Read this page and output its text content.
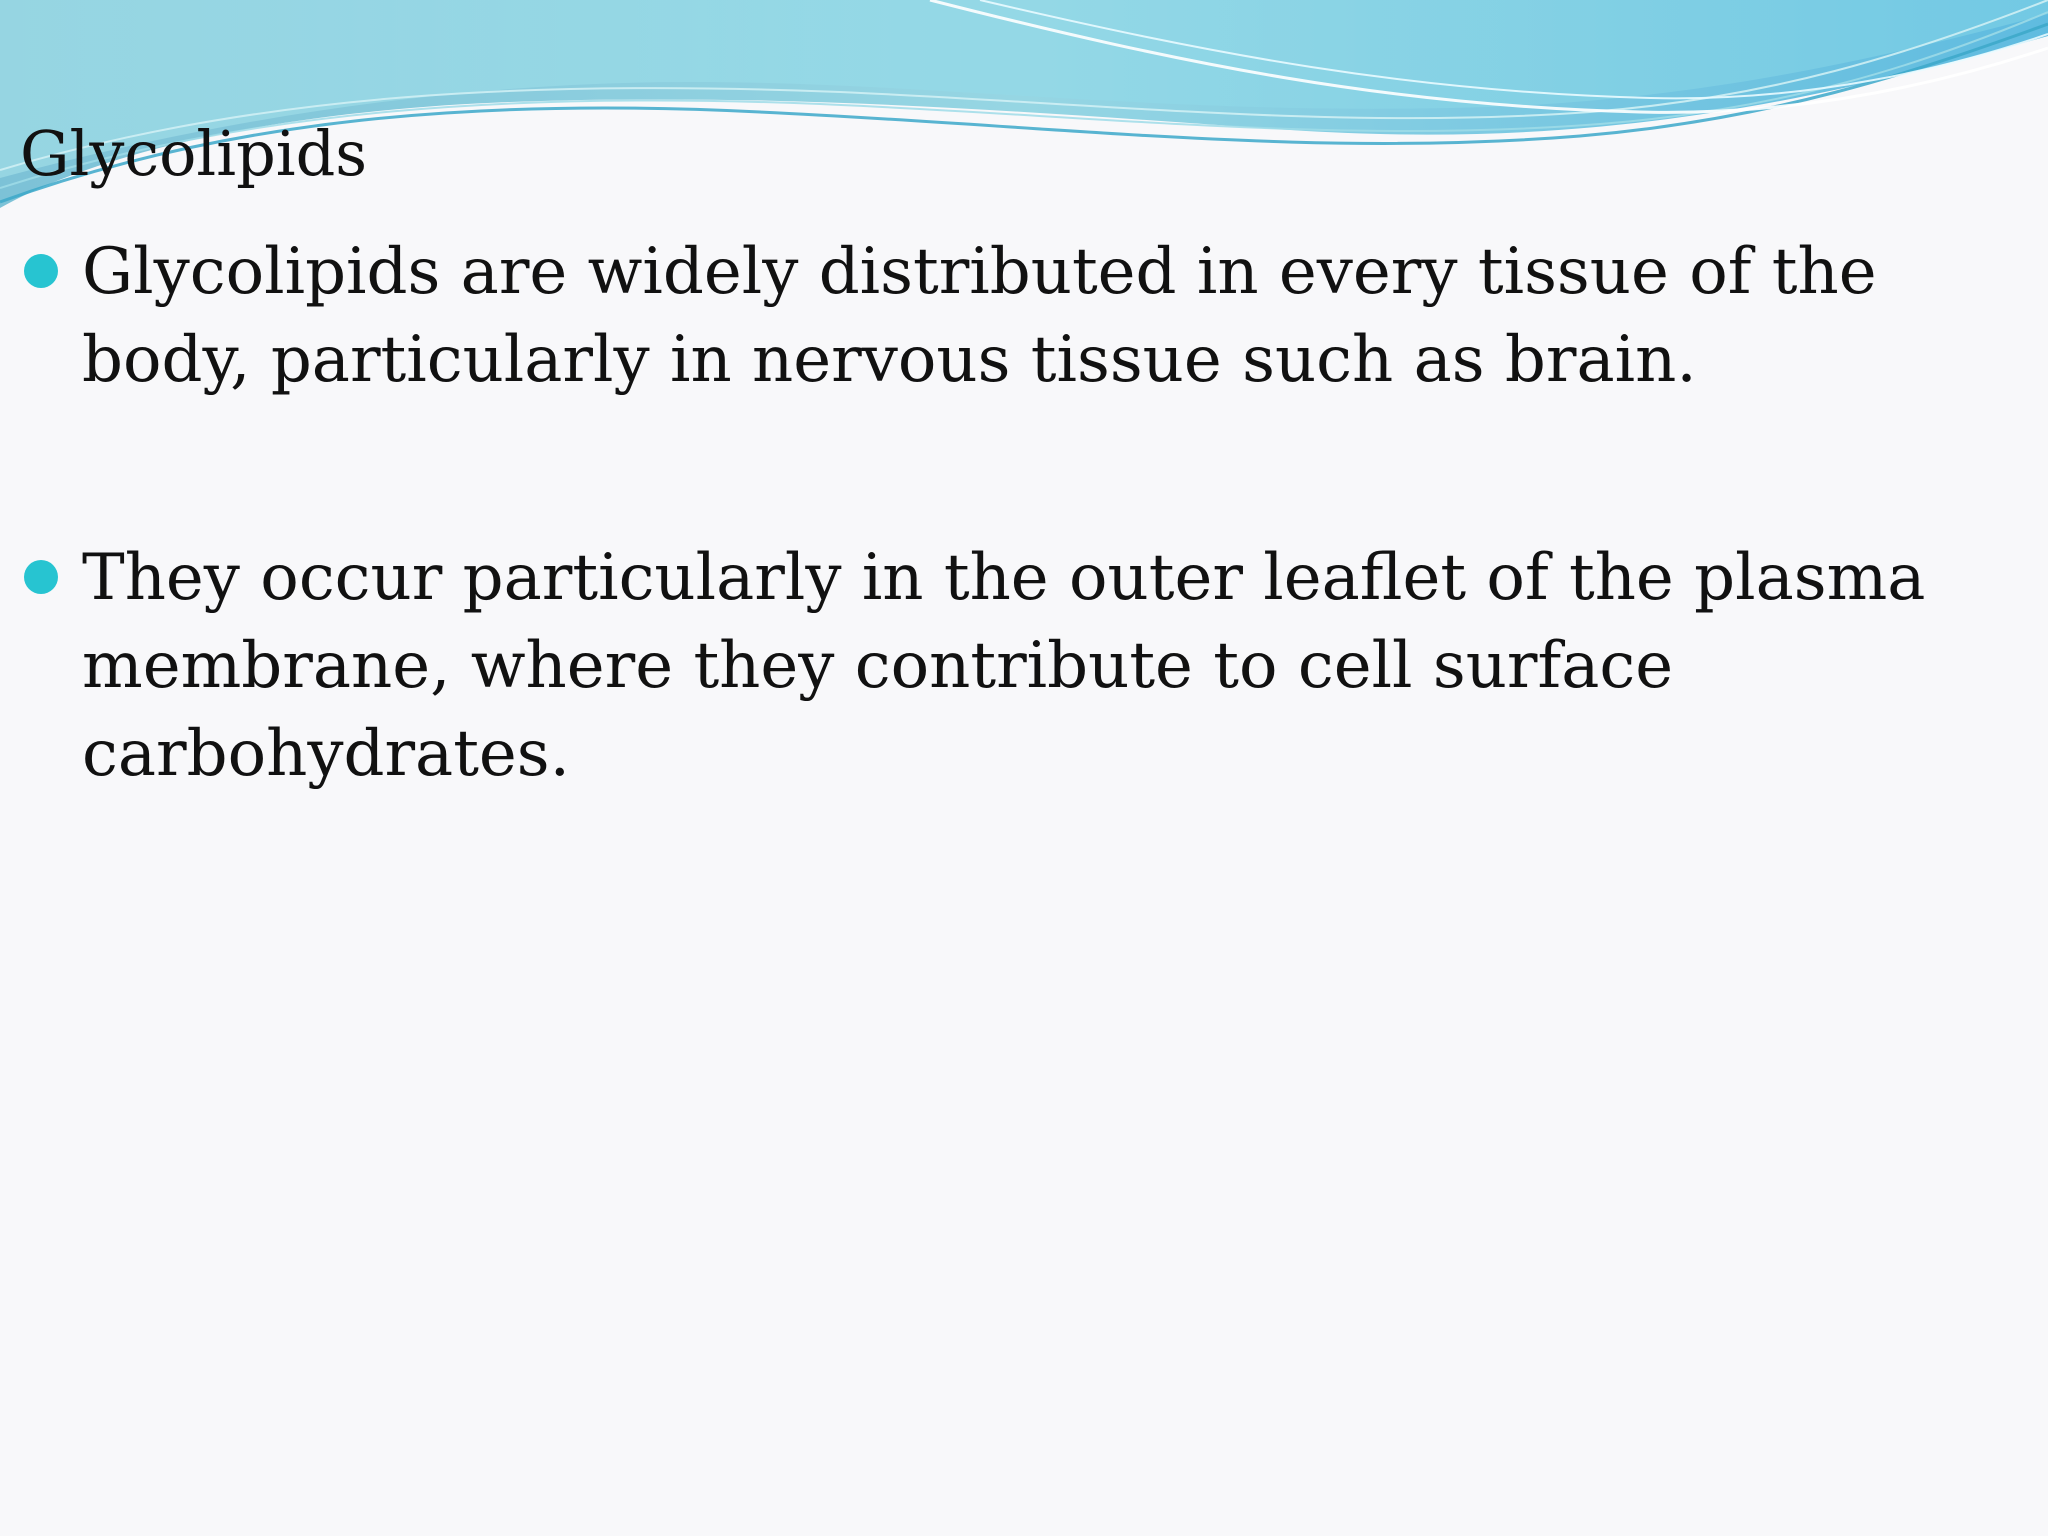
Glycolipids
Glycolipids are widely distributed in every tissue of the body, particularly in nervous tissue such as brain.
They occur particularly in the outer leaflet of the plasma membrane, where they contribute to cell surface carbohydrates.
